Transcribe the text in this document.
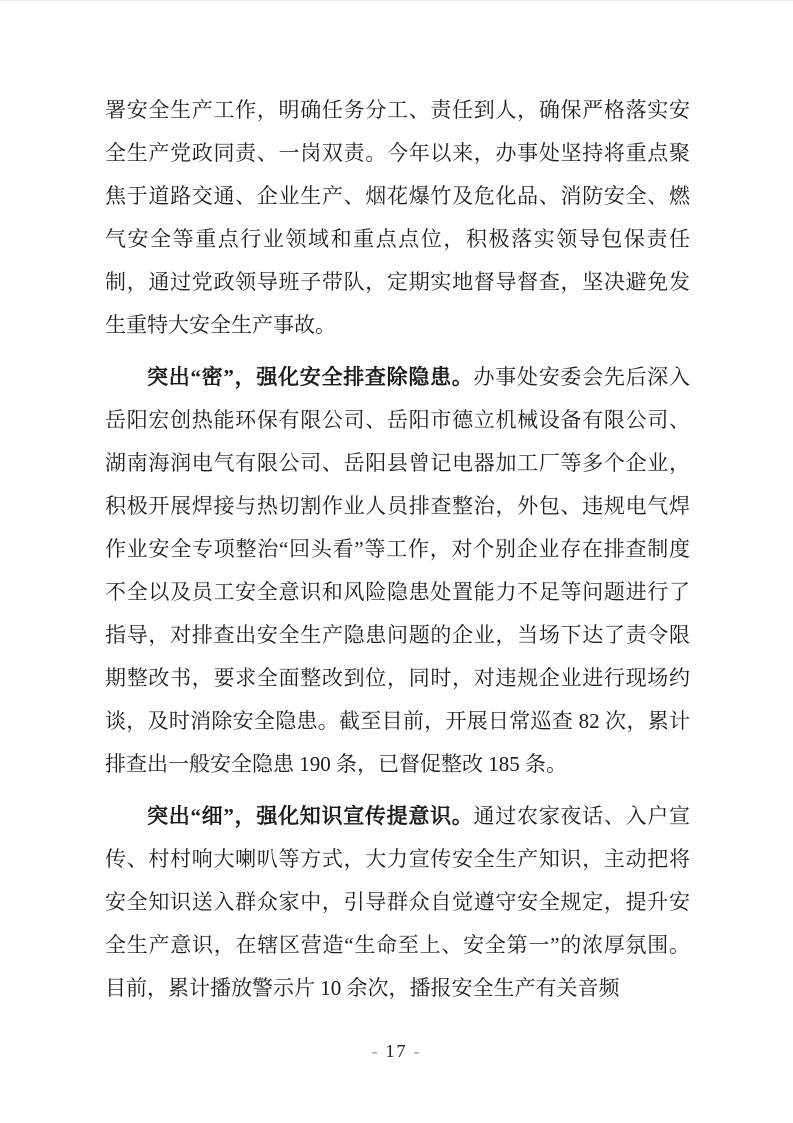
署安全生产工作，明确任务分工、责任到人，确保严格落实安全生产党政同责、一岗双责。今年以来，办事处坚持将重点聚焦于道路交通、企业生产、烟花爆竹及危化品、消防安全、燃气安全等重点行业领域和重点点位，积极落实领导包保责任制，通过党政领导班子带队，定期实地督导督查，坚决避免发生重特大安全生产事故。

突出“密”，强化安全排查除隐患。办事处安委会先后深入岳阳宏创热能环保有限公司、岳阳市德立机械设备有限公司、湖南海润电气有限公司、岳阳县曾记电器加工厂等多个企业，积极开展焊接与热切割作业人员排查整治，外包、违规电气焊作业安全专项整治“回头看”等工作，对个别企业存在排查制度不全以及员工安全意识和风险隐患处置能力不足等问题进行了指导，对排查出安全生产隐患问题的企业，当场下达了责令限期整改书，要求全面整改到位，同时，对违规企业进行现场约谈，及时消除安全隐患。截至目前，开展日常巡查 82 次，累计排查出一般安全隐患 190 条，已督促整改 185 条。

突出“细”，强化知识宣传提意识。通过农家夜话、入户宣传、村村响大喇叭等方式，大力宣传安全生产知识，主动把将安全知识送入群众家中，引导群众自觉遵守安全规定，提升安全生产意识，在辖区营造“生命至上、安全第一”的浓厚氛围。目前，累计播放警示片 10 余次，播报安全生产有关音频

- 17 -
